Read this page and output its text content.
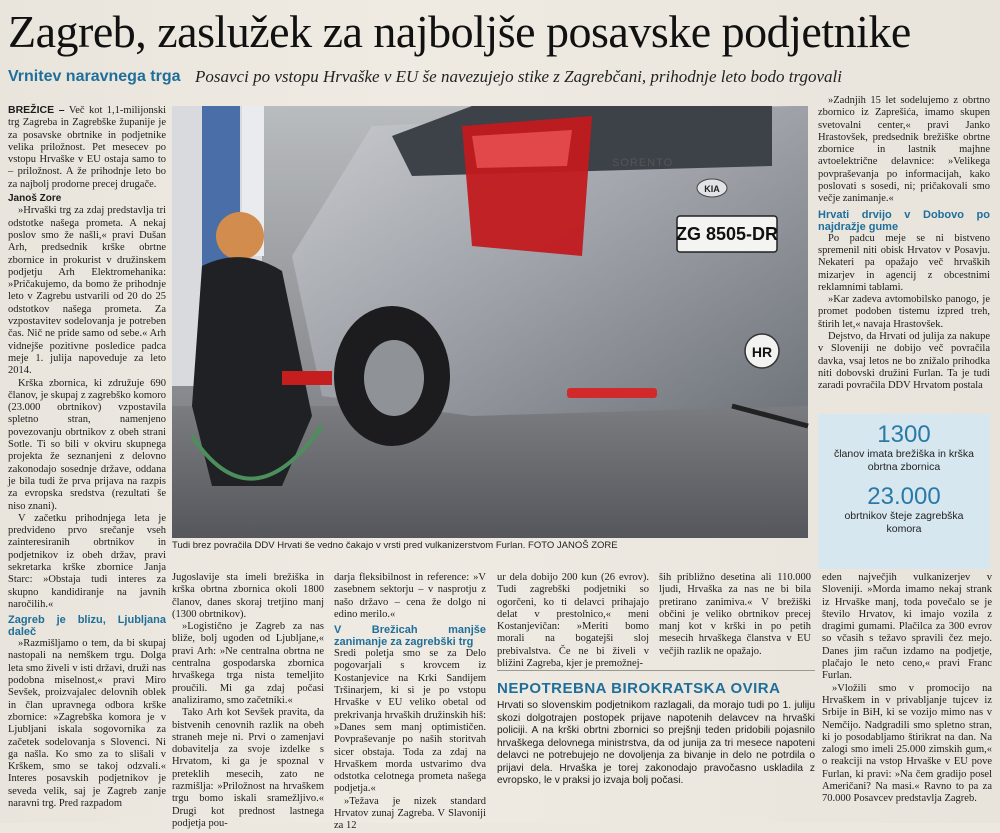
Zagreb, zaslužek za najboljše posavske podjetnike
Vrnitev naravnega trga Posavci po vstopu Hrvaške v EU še navezujejo stike z Zagrebčani, prihodnje leto bodo trgovali

BREŽICE – Več kot 1,1-milijonski trg Zagreba in Zagrebške županije je za posavske obrtnike in podjetnike velika priložnost. Pet mesecev po vstopu Hrvaške v EU ostaja samo to – priložnost. A že prihodnje leto bo za najbolj prodorne precej drugače.

Janoš Zore

»Hrvaški trg za zdaj predstavlja tri odstotke našega prometa. A nekaj poslov smo že našli,« pravi Dušan Arh, predsednik krške obrtne zbornice in prokurist v družinskem podjetju Arh Elektromehanika: »Pričakujemo, da bomo že prihodnje leto v Zagrebu ustvarili od 20 do 25 odstotkov našega prometa. Za vzpostavitev sodelovanja je potreben čas. Nič ne pride samo od sebe.« Arh vidnejše pozitivne posledice padca meje 1. julija napoveduje za leto 2014.

Krška zbornica, ki združuje 690 članov, je skupaj z zagrebško komoro (23.000 obrtnikov) vzpostavila spletno stran, namenjeno povezovanju obrtnikov z obeh strani Sotle. Ti so bili v okviru skupnega projekta že seznanjeni z delovno zakonodajo sosednje države, oddana je bila tudi že prva prijava na razpis za evropska sredstva (rezultati še niso znani).

V začetku prihodnjega leta je predvideno prvo srečanje vseh zainteresiranih obrtnikov in podjetnikov iz obeh držav, pravi sekretarka krške zbornice Janja Starc: »Obstaja tudi interes za skupno kandidiranje na javnih naročilih.«

Zagreb je blizu, Ljubljana daleč

»Razmišljamo o tem, da bi skupaj nastopali na nemškem trgu. Dolga leta smo živeli v isti državi, druži nas podobna miselnost,« pravi Miro Sevšek, proizvajalec delovnih oblek in član upravnega odbora krške zbornice: »Zagrebška komora je v Ljubljani iskala sogovornika za začetek sodelovanja s Slovenci. Ni ga našla. Ko smo za to slišali v Krškem, smo se takoj odzvali.« Interes posavskih podjetnikov je seveda velik, saj je Zagreb zanje naravni trg. Pred razpadom

ZG 8505-DR
KIA
SORENTO
HR
Tudi brez povračila DDV Hrvati še vedno čakajo v vrsti pred vulkanizerstvom Furlan. FOTO JANOŠ ZORE

»Zadnjih 15 let sodelujemo z obrtno zbornico iz Zaprešića, imamo skupen svetovalni center,« pravi Janko Hrastovšek, predsednik brežiške obrtne zbornice in lastnik majhne avtoelektrične delavnice: »Velikega povpraševanja po informacijah, kako poslovati s sosedi, ni; pričakovali smo večje zanimanje.«

Hrvati drvijo v Dobovo po najdražje gume

Po padcu meje se ni bistveno spremenil niti obisk Hrvatov v Posavju. Nekateri pa opažajo več hrvaških mizarjev in agencij z obcestnimi reklamnimi tablami.

»Kar zadeva avtomobilsko panogo, je promet podoben tistemu izpred treh, štirih let,« navaja Hrastovšek.

Dejstvo, da Hrvati od julija za nakupe v Sloveniji ne dobijo več povračila davka, vsaj letos ne bo znižalo prihodka niti dobovski družini Furlan. Ta je tudi zaradi povračila DDV Hrvatom postala

1300
članov imata brežiška in krška obrtna zbornica
23.000
obrtnikov šteje zagrebška komora

Jugoslavije sta imeli brežiška in krška obrtna zbornica okoli 1800 članov, danes skoraj tretjino manj (1300 obrtnikov).

»Logistično je Zagreb za nas bliže, bolj ugoden od Ljubljane,« pravi Arh: »Ne centralna obrtna ne centralna gospodarska zbornica hrvaškega trga nista temeljito proučili. Mi ga zdaj počasi analiziramo, smo začetniki.«

Tako Arh kot Sevšek pravita, da bistvenih cenovnih razlik na obeh straneh meje ni. Prvi o zamenjavi dobavitelja za svoje izdelke s Hrvatom, ki ga je spoznal v preteklih mesecih, zato ne razmišlja: »Priložnost na hrvaškem trgu bomo iskali sramežljivo.« Drugi kot prednost lastnega podjetja pou-

darja fleksibilnost in reference: »V zasebnem sektorju – v nasprotju z našo državo – cena že dolgo ni edino merilo.«

V Brežicah manjše zanimanje za zagrebški trg

Sredi poletja smo se za Delo pogovarjali s krovcem iz Kostanjevice na Krki Sandijem Tršinarjem, ki si je po vstopu Hrvaške v EU veliko obetal od prekrivanja hrvaških družinskih hiš: »Danes sem manj optimističen. Povpraševanje po naših storitvah sicer obstaja. Toda za zdaj na Hrvaškem morda ustvarimo dva odstotka celotnega prometa našega podjetja.«

»Težava je nizek standard Hrvatov zunaj Zagreba. V Slavoniji za 12

ur dela dobijo 200 kun (26 evrov). Tudi zagrebški podjetniki so ogorčeni, ko ti delavci prihajajo delat v prestolnico,« meni Kostanjevičan: »Meriti bomo morali na bogatejši sloj prebivalstva. Če ne bi živeli v bližini Zagreba, kjer je premožnej-

ših približno desetina ali 110.000 ljudi, Hrvaška za nas ne bi bila pretirano zanimiva.« V brežiški občini je veliko obrtnikov precej manj kot v krški in po petih mesecih hrvaškega članstva v EU večjih razlik ne opažajo.

NEPOTREBNA BIROKRATSKA OVIRA
Hrvati so slovenskim podjetnikom razlagali, da morajo tudi po 1. juliju skozi dolgotrajen postopek prijave napotenih delavcev na hrvaški policiji. A na krški obrtni zbornici so prejšnji teden pridobili pojasnilo hrvaškega delovnega ministrstva, da od junija za tri mesece napoteni delavci ne potrebujejo ne dovoljenja za bivanje in delo ne potrdila o prijavi dela. Hrvaška je torej zakonodajo pravočasno uskladila z evropsko, le v praksi jo izvaja bolj počasi.

eden največjih vulkanizerjev v Sloveniji. »Morda imamo nekaj strank iz Hrvaške manj, toda povečalo se je število Hrvatov, ki imajo vozila z dragimi gumami. Plačilca za 300 evrov so včasih s težavo spravili čez mejo. Danes jim račun izdamo na podjetje, plačajo le neto ceno,« pravi Franc Furlan.

»Vložili smo v promocijo na Hrvaškem in v privabljanje tujcev iz Srbije in BiH, ki se vozijo mimo nas v Nemčijo. Nadgradili smo spletno stran, ki jo posodabljamo štirikrat na dan. Na zalogi smo imeli 25.000 zimskih gum,« o reakciji na vstop Hrvaške v EU pove Furlan, ki pravi: »Na čem gradijo posel Američani? Na masi.« Ravno to pa za 70.000 Posavcev predstavlja Zagreb.
